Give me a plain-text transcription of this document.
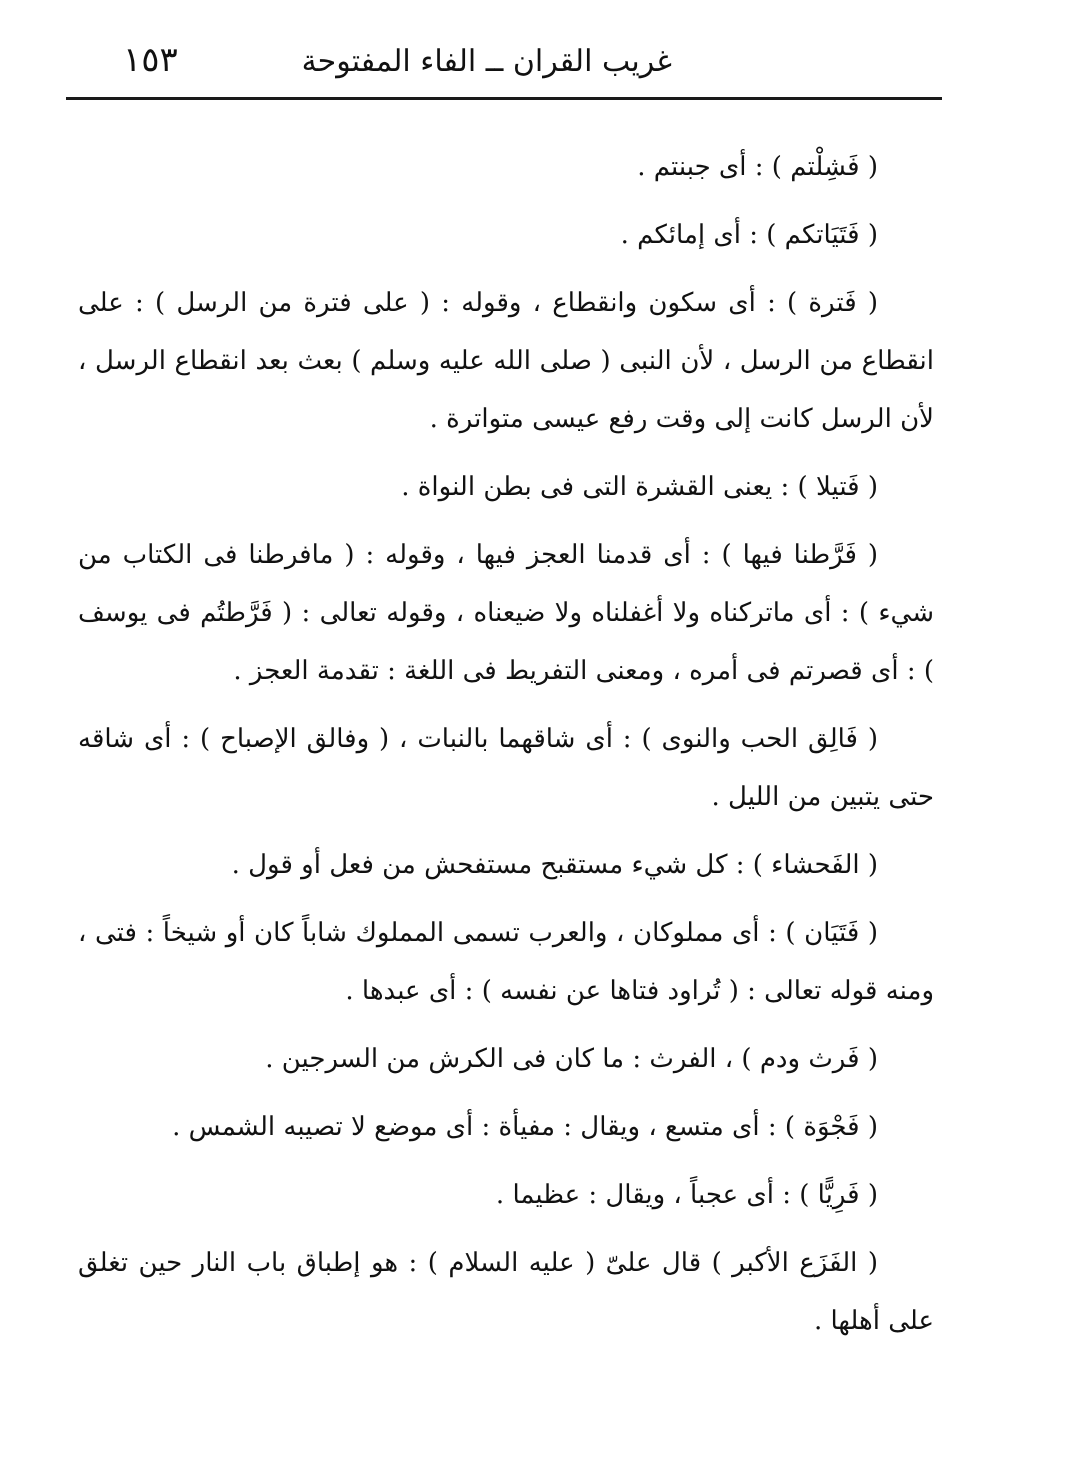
غريب القران ــ الفاء المفتوحة
١٥٣

( فَشِلْتم ) : أى جبنتم .

( فَتَيَاتكم ) : أى إمائكم .

( فَترة ) : أى سكون وانقطاع ، وقوله : ( على فترة من الرسل ) : على انقطاع من الرسل ، لأن النبى ( صلى الله عليه وسلم ) بعث بعد انقطاع الرسل ، لأن الرسل كانت إلى وقت رفع عيسى متواترة .

( فَتيلا ) : يعنى القشرة التى فى بطن النواة .

( فَرَّطنا فيها ) : أى قدمنا العجز فيها ، وقوله : ( مافرطنا فى الكتاب من شيء ) : أى ماتركناه ولا أغفلناه ولا ضيعناه ، وقوله تعالى : ( فَرَّطتُم فى يوسف ) : أى قصرتم فى أمره ، ومعنى التفريط فى اللغة : تقدمة العجز .

( فَالِق الحب والنوى ) : أى شاقهما بالنبات ، ( وفالق الإصباح ) : أى شاقه حتى يتبين من الليل .

( الفَحشاء ) : كل شيء مستقبح مستفحش من فعل أو قول .

( فَتَيَان ) : أى مملوكان ، والعرب تسمى المملوك شاباً كان أو شيخاً : فتى ، ومنه قوله تعالى : ( تُراود فتاها عن نفسه ) : أى عبدها .

( فَرث ودم ) ، الفرث : ما كان فى الكرش من السرجين .

( فَجْوَة ) : أى متسع ، ويقال : مفيأة : أى موضع لا تصيبه الشمس .

( فَرِيًّا ) : أى عجباً ، ويقال : عظيما .

( الفَزَع الأكبر ) قال علىّ ( عليه السلام ) : هو إطباق باب النار حين تغلق على أهلها .
